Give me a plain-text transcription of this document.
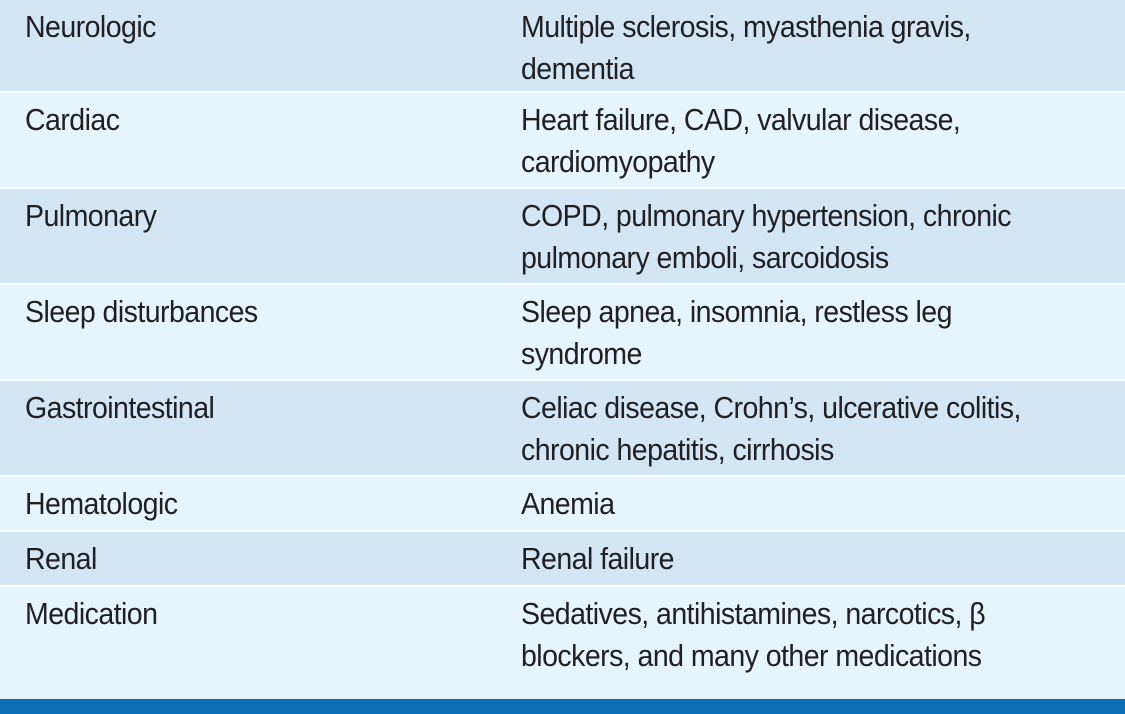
Neurologic	Multiple sclerosis, myasthenia gravis,
dementia
Cardiac	Heart failure, CAD, valvular disease,
cardiomyopathy
Pulmonary	COPD, pulmonary hypertension, chronic
pulmonary emboli, sarcoidosis
Sleep disturbances	Sleep apnea, insomnia, restless leg
syndrome
Gastrointestinal	Celiac disease, Crohn’s, ulcerative colitis,
chronic hepatitis, cirrhosis
Hematologic	Anemia
Renal	Renal failure
Medication	Sedatives, antihistamines, narcotics, β
blockers, and many other medications
